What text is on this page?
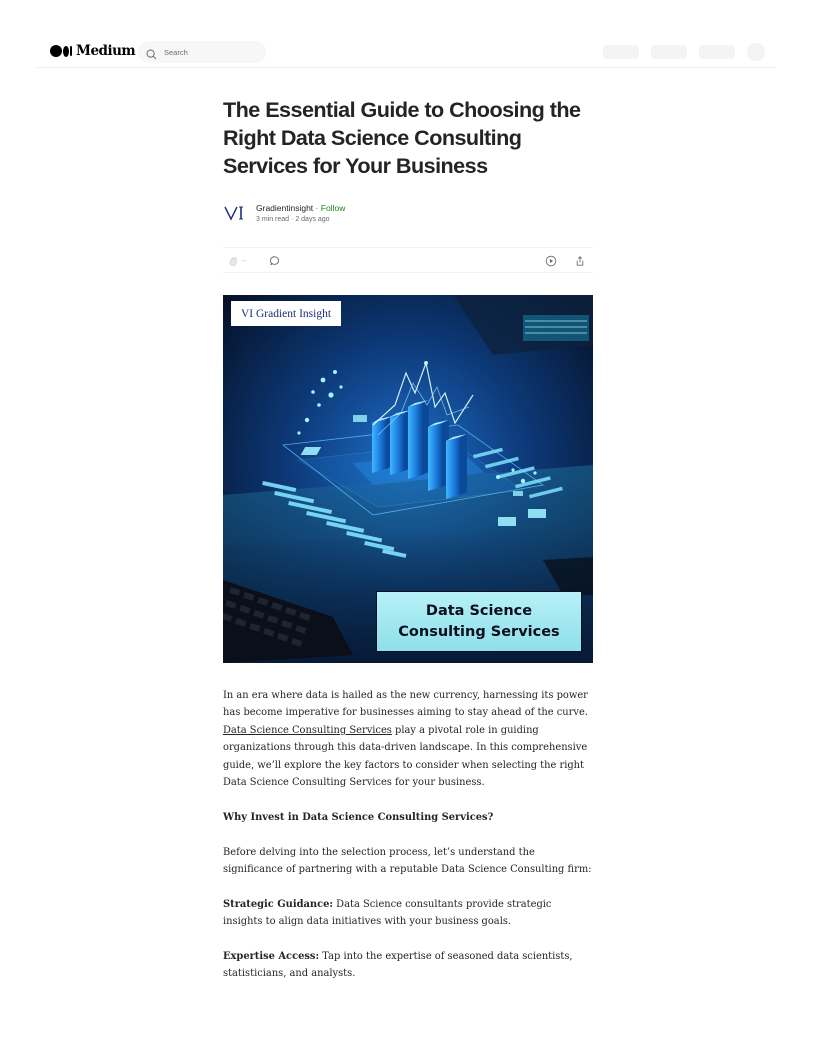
Medium
Search
The Essential Guide to Choosing the Right Data Science Consulting Services for Your Business
Gradientinsight · Follow
3 min read · 2 days ago
--
VI Gradient Insight
Data Science Consulting Services

In an era where data is hailed as the new currency, harnessing its power has become imperative for businesses aiming to stay ahead of the curve. Data Science Consulting Services play a pivotal role in guiding organizations through this data-driven landscape. In this comprehensive guide, we’ll explore the key factors to consider when selecting the right Data Science Consulting Services for your business.

Why Invest in Data Science Consulting Services?

Before delving into the selection process, let’s understand the significance of partnering with a reputable Data Science Consulting firm:

Strategic Guidance: Data Science consultants provide strategic insights to align data initiatives with your business goals.

Expertise Access: Tap into the expertise of seasoned data scientists, statisticians, and analysts.
